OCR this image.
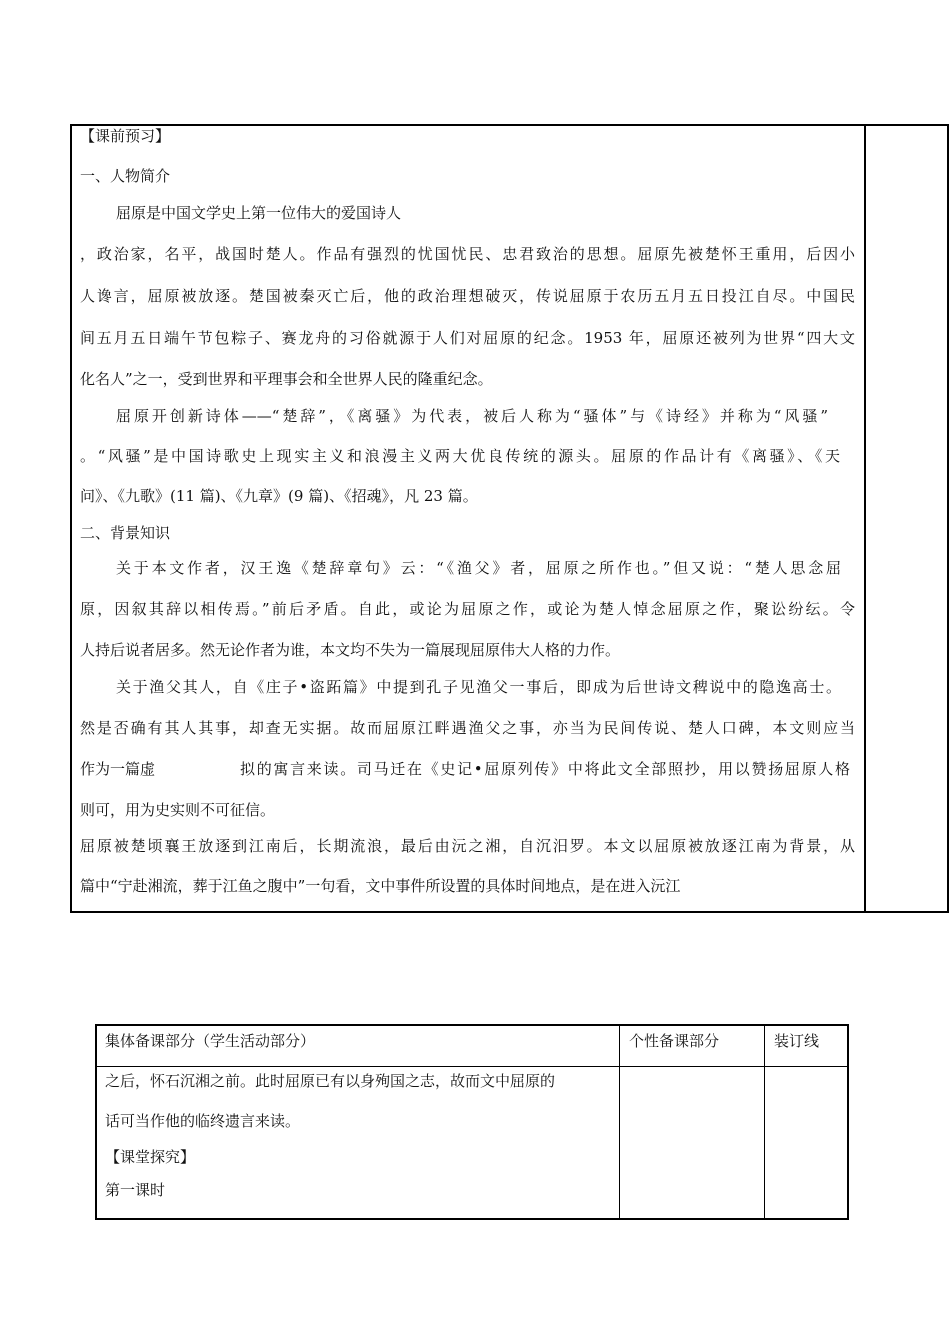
【课前预习】
一、人物简介
屈原是中国文学史上第一位伟大的爱国诗人
，政治家，名平，战国时楚人。作品有强烈的忧国忧民、忠君致治的思想。屈原先被楚怀王重用，后因小
人谗言，屈原被放逐。楚国被秦灭亡后，他的政治理想破灭，传说屈原于农历五月五日投江自尽。中国民
间五月五日端午节包粽子、赛龙舟的习俗就源于人们对屈原的纪念。1953 年，屈原还被列为世界“四大文
化名人”之一，受到世界和平理事会和全世界人民的隆重纪念。
屈原开创新诗体——“楚辞”，《离骚》为代表，被后人称为“骚体”与《诗经》并称为“风骚”
。“风骚”是中国诗歌史上现实主义和浪漫主义两大优良传统的源头。屈原的作品计有《离骚》、《天
问》、《九歌》(11 篇)、《九章》(9 篇)、《招魂》，凡 23 篇。
二、背景知识
关于本文作者，汉王逸《楚辞章句》云：“《渔父》者，屈原之所作也。”但又说：“楚人思念屈
原，因叙其辞以相传焉。”前后矛盾。自此，或论为屈原之作，或论为楚人悼念屈原之作，聚讼纷纭。令
人持后说者居多。然无论作者为谁，本文均不失为一篇展现屈原伟大人格的力作。
关于渔父其人，自《庄子•盗跖篇》中提到孔子见渔父一事后，即成为后世诗文稗说中的隐逸高士。
然是否确有其人其事，却查无实据。故而屈原江畔遇渔父之事，亦当为民间传说、楚人口碑，本文则应当
作为一篇虚	拟的寓言来读。司马迁在《史记•屈原列传》中将此文全部照抄，用以赞扬屈原人格
则可，用为史实则不可征信。
屈原被楚顷襄王放逐到江南后，长期流浪，最后由沅之湘，自沉汨罗。本文以屈原被放逐江南为背景，从
篇中“宁赴湘流，葬于江鱼之腹中”一句看，文中事件所设置的具体时间地点，是在进入沅江
集体备课部分（学生活动部分）	个性备课部分	装订线
之后，怀石沉湘之前。此时屈原已有以身殉国之志，故而文中屈原的
话可当作他的临终遗言来读。
【课堂探究】
第一课时
